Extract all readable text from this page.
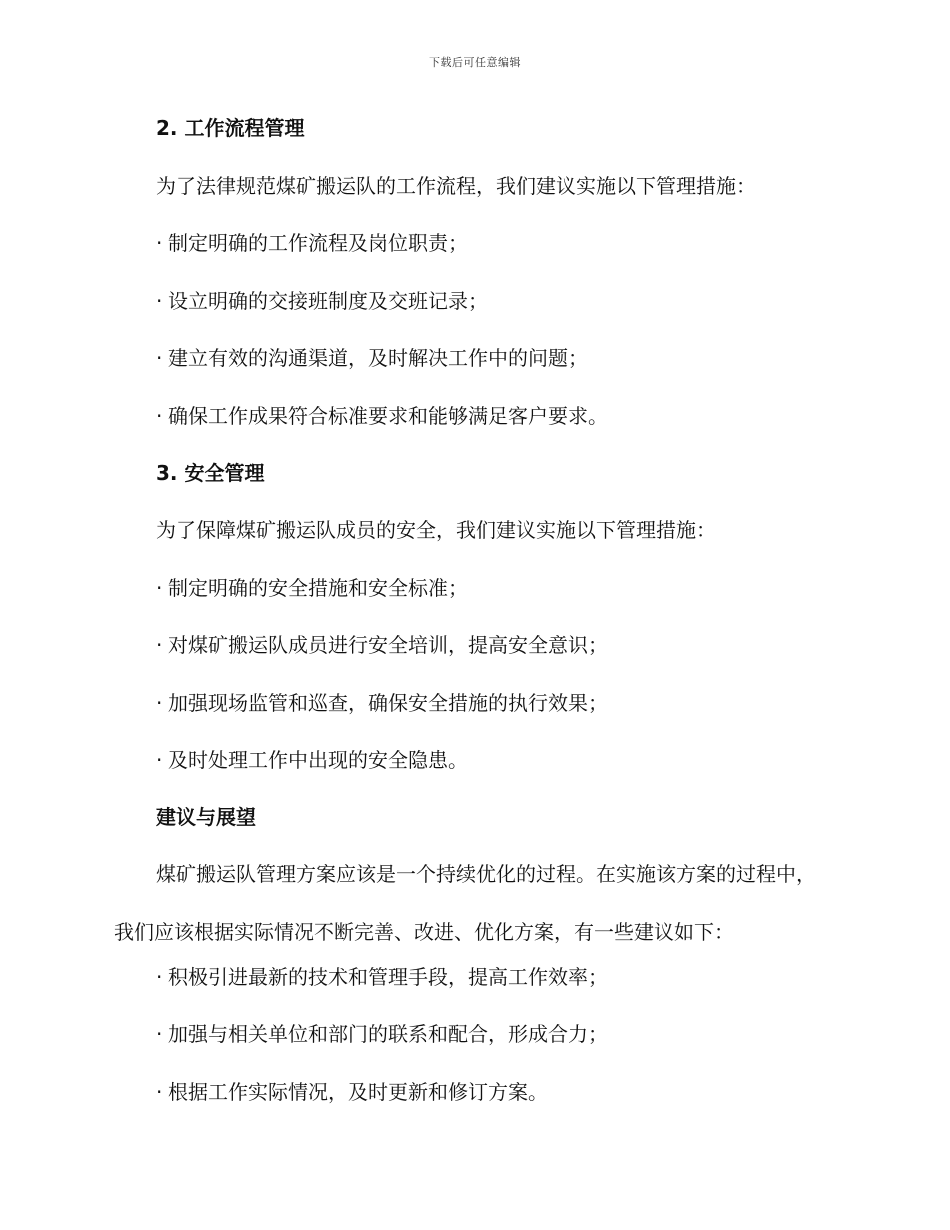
下载后可任意编辑
2. 工作流程管理
为了法律规范煤矿搬运队的工作流程，我们建议实施以下管理措施：
· 制定明确的工作流程及岗位职责；
· 设立明确的交接班制度及交班记录；
· 建立有效的沟通渠道，及时解决工作中的问题；
· 确保工作成果符合标准要求和能够满足客户要求。
3. 安全管理
为了保障煤矿搬运队成员的安全，我们建议实施以下管理措施：
· 制定明确的安全措施和安全标准；
· 对煤矿搬运队成员进行安全培训，提高安全意识；
· 加强现场监管和巡查，确保安全措施的执行效果；
· 及时处理工作中出现的安全隐患。
建议与展望
煤矿搬运队管理方案应该是一个持续优化的过程。在实施该方案的过程中，我们应该根据实际情况不断完善、改进、优化方案，有一些建议如下：
· 积极引进最新的技术和管理手段，提高工作效率；
· 加强与相关单位和部门的联系和配合，形成合力；
· 根据工作实际情况，及时更新和修订方案。
